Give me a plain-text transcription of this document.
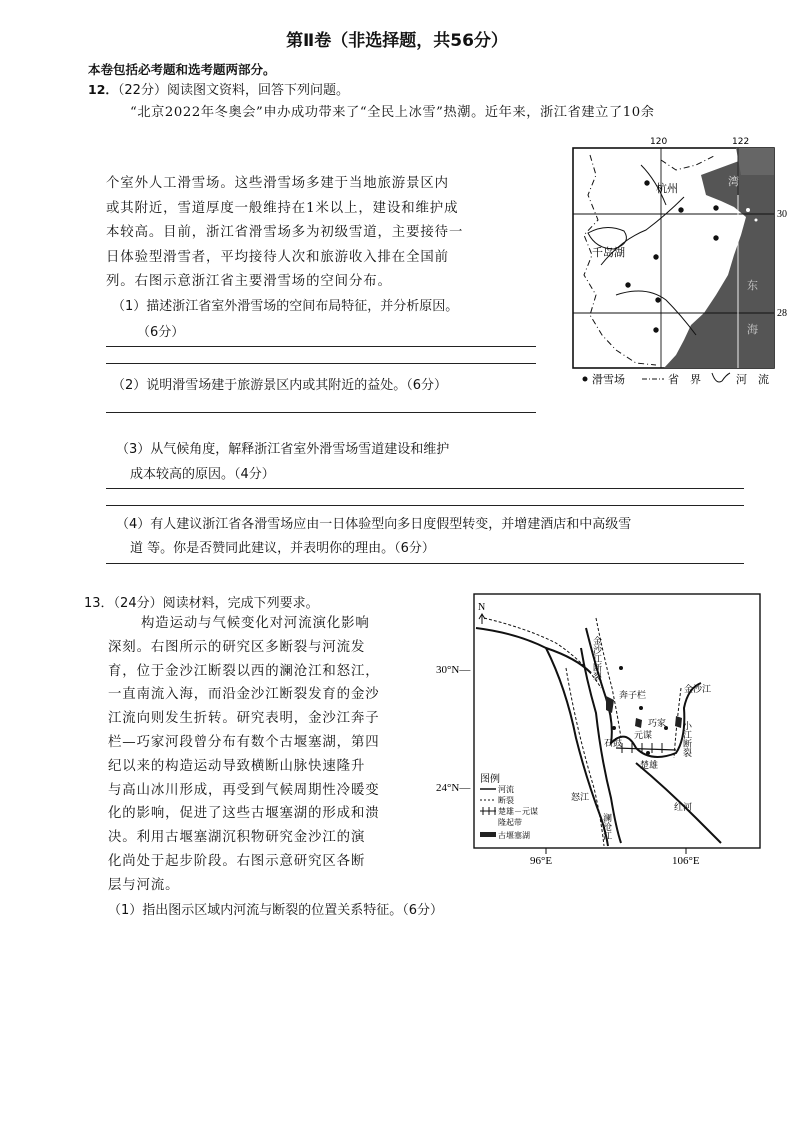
第Ⅱ卷（非选择题，共56分）
本卷包括必考题和选考题两部分。
12．（22分）阅读图文资料，回答下列问题。
“北京2022年冬奥会”申办成功带来了“全民上冰雪”热潮。近年来，浙江省建立了10余
个室外人工滑雪场。这些滑雪场多建于当地旅游景区内
或其附近，雪道厚度一般维持在1米以上，建设和维护成
本较高。目前，浙江省滑雪场多为初级雪道，主要接待一
日体验型滑雪者，平均接待人次和旅游收入排在全国前
列。右图示意浙江省主要滑雪场的空间分布。
（1）描述浙江省室外滑雪场的空间布局特征，并分析原因。
（6分）
（2）说明滑雪场建于旅游景区内或其附近的益处。（6分）
（3）从气候角度，解释浙江省室外滑雪场雪道建设和维护
成本较高的原因。（4分）
（4）有人建议浙江省各滑雪场应由一日体验型向多日度假型转变，并增建酒店和中高级雪
道 等。你是否赞同此建议，并表明你的理由。（6分）
120	122
30
28
杭州
湾
千岛湖
东
海
滑雪场	省　界	河　流
13．（24分）阅读材料，完成下列要求。
构造运动与气候变化对河流演化影响
深刻。右图所示的研究区多断裂与河流发
育，位于金沙江断裂以西的澜沧江和怒江，
一直南流入海，而沿金沙江断裂发育的金沙
江流向则发生折转。研究表明，金沙江奔子
栏—巧家河段曾分布有数个古堰塞湖，第四
纪以来的构造运动导致横断山脉快速隆升
与高山冰川形成，再受到气候周期性冷暖变
化的影响，促进了这些古堰塞湖的形成和溃
决。利用古堰塞湖沉积物研究金沙江的演
化尚处于起步阶段。右图示意研究区各断
层与河流。
（1）指出图示区域内河流与断裂的位置关系特征。（6分）
N
30°N—
24°N—
96°E	106°E
金沙江断裂
奔子栏
金沙江
巧家 小江断裂
石鼓
元谋
楚雄
怒江
澜沧江
红河
图例
河流
断裂
楚雄－元谋
隆起带
古堰塞湖
